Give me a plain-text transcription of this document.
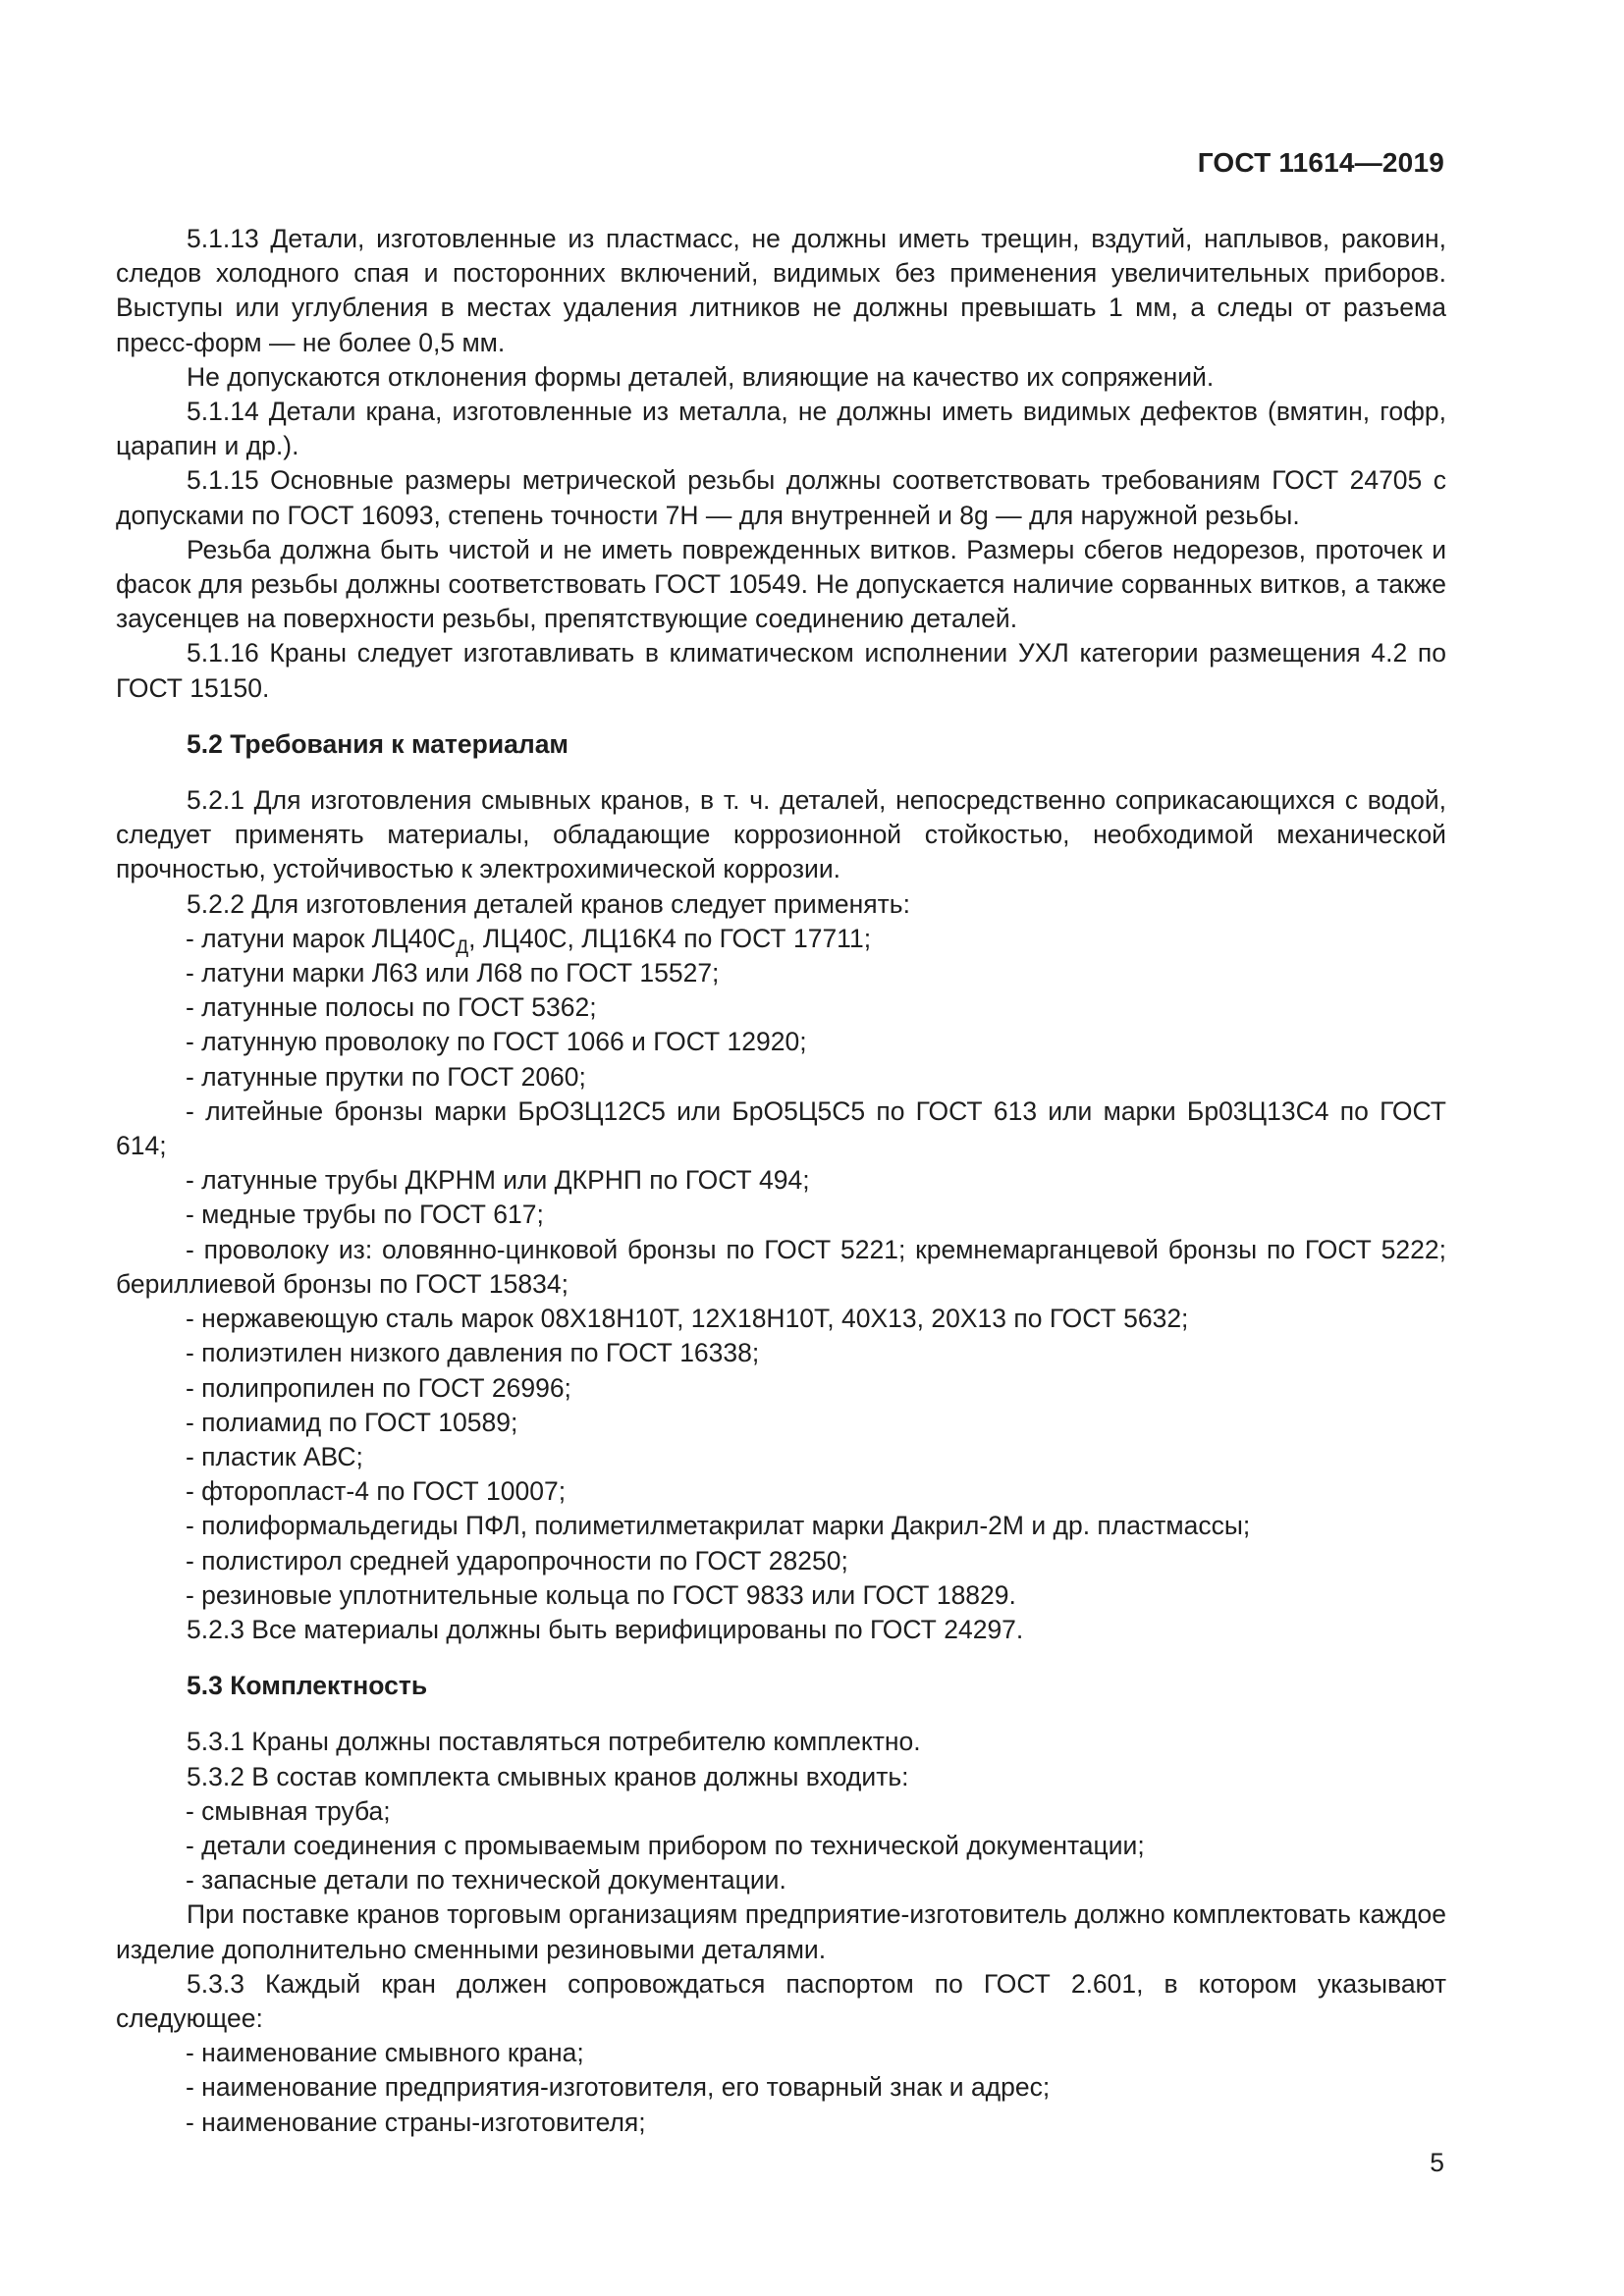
ГОСТ 11614—2019

5.1.13 Детали, изготовленные из пластмасс, не должны иметь трещин, вздутий, наплывов, раковин, следов холодного спая и посторонних включений, видимых без применения увеличительных приборов. Выступы или углубления в местах удаления литников не должны превышать 1 мм, а следы от разъема пресс-форм — не более 0,5 мм.

Не допускаются отклонения формы деталей, влияющие на качество их сопряжений.

5.1.14 Детали крана, изготовленные из металла, не должны иметь видимых дефектов (вмятин, гофр, царапин и др.).

5.1.15 Основные размеры метрической резьбы должны соответствовать требованиям ГОСТ 24705 с допусками по ГОСТ 16093, степень точности 7H — для внутренней и 8g — для наружной резьбы.

Резьба должна быть чистой и не иметь поврежденных витков. Размеры сбегов недорезов, проточек и фасок для резьбы должны соответствовать ГОСТ 10549. Не допускается наличие сорванных витков, а также заусенцев на поверхности резьбы, препятствующие соединению деталей.

5.1.16 Краны следует изготавливать в климатическом исполнении УХЛ категории размещения 4.2 по ГОСТ 15150.

5.2 Требования к материалам

5.2.1 Для изготовления смывных кранов, в т. ч. деталей, непосредственно соприкасающихся с водой, следует применять материалы, обладающие коррозионной стойкостью, необходимой механической прочностью, устойчивостью к электрохимической коррозии.

5.2.2 Для изготовления деталей кранов следует применять:

- латуни марок $ЛЦ40С_Д$, ЛЦ40С, ЛЦ16К4 по ГОСТ 17711;

- латуни марки Л63 или Л68 по ГОСТ 15527;

- латунные полосы по ГОСТ 5362;

- латунную проволоку по ГОСТ 1066 и ГОСТ 12920;

- латунные прутки по ГОСТ 2060;

- литейные бронзы марки БрО3Ц12С5 или БрО5Ц5С5 по ГОСТ 613 или марки Бр03Ц13С4 по ГОСТ 614;

- латунные трубы ДКРНМ или ДКРНП по ГОСТ 494;

- медные трубы по ГОСТ 617;

- проволоку из: оловянно-цинковой бронзы по ГОСТ 5221; кремнемарганцевой бронзы по ГОСТ 5222; бериллиевой бронзы по ГОСТ 15834;

- нержавеющую сталь марок 08Х18Н10Т, 12Х18Н10Т, 40Х13, 20Х13 по ГОСТ 5632;

- полиэтилен низкого давления по ГОСТ 16338;

- полипропилен по ГОСТ 26996;

- полиамид по ГОСТ 10589;

- пластик АВС;

- фторопласт-4 по ГОСТ 10007;

- полиформальдегиды ПФЛ, полиметилметакрилат марки Дакрил-2М и др. пластмассы;

- полистирол средней ударопрочности по ГОСТ 28250;

- резиновые уплотнительные кольца по ГОСТ 9833 или ГОСТ 18829.

5.2.3 Все материалы должны быть верифицированы по ГОСТ 24297.

5.3 Комплектность

5.3.1 Краны должны поставляться потребителю комплектно.

5.3.2 В состав комплекта смывных кранов должны входить:

- смывная труба;

- детали соединения с промываемым прибором по технической документации;

- запасные детали по технической документации.

При поставке кранов торговым организациям предприятие-изготовитель должно комплектовать каждое изделие дополнительно сменными резиновыми деталями.

5.3.3 Каждый кран должен сопровождаться паспортом по ГОСТ 2.601, в котором указывают следующее:

- наименование смывного крана;

- наименование предприятия-изготовителя, его товарный знак и адрес;

- наименование страны-изготовителя;

5
